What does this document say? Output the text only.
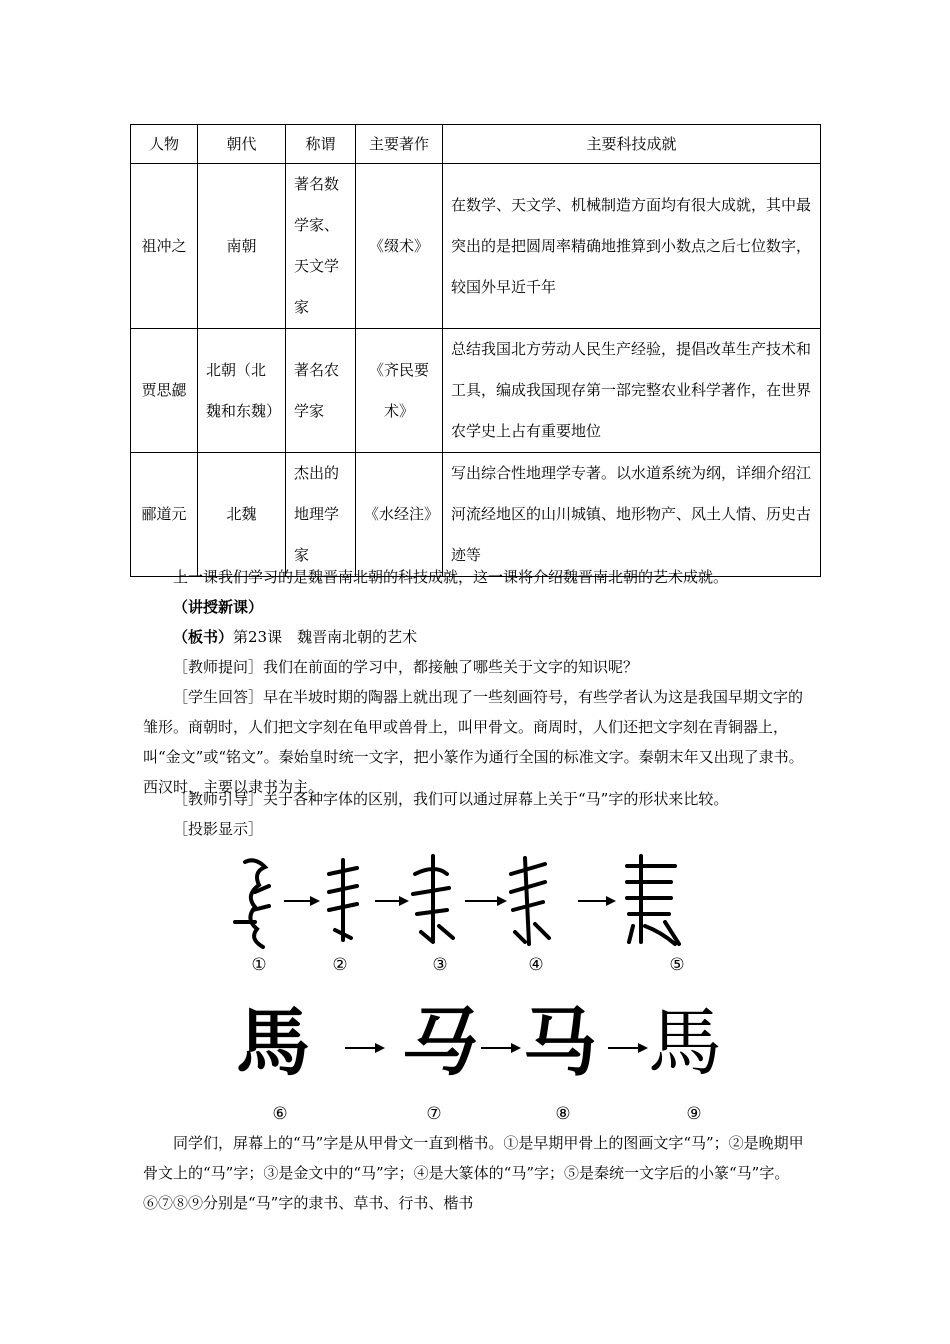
人物	朝代	称谓	主要著作	主要科技成就
祖冲之	南朝	著名数学家、天文学家	《缀术》	在数学、天文学、机械制造方面均有很大成就，其中最突出的是把圆周率精确地推算到小数点之后七位数字，较国外早近千年
贾思勰	北朝（北魏和东魏）	著名农学家	《齐民要术》	总结我国北方劳动人民生产经验，提倡改革生产技术和工具，编成我国现存第一部完整农业科学著作，在世界农学史上占有重要地位
郦道元	北魏	杰出的地理学家	《水经注》	写出综合性地理学专著。以水道系统为纲，详细介绍江河流经地区的山川城镇、地形物产、风土人情、历史古迹等

上一课我们学习的是魏晋南北朝的科技成就，这一课将介绍魏晋南北朝的艺术成就。

（讲授新课）

（板书）第23课　魏晋南北朝的艺术

［教师提问］我们在前面的学习中，都接触了哪些关于文字的知识呢？

［学生回答］早在半坡时期的陶器上就出现了一些刻画符号，有些学者认为这是我国早期文字的雏形。商朝时，人们把文字刻在龟甲或兽骨上，叫甲骨文。商周时，人们还把文字刻在青铜器上，叫“金文”或“铭文”。秦始皇时统一文字，把小篆作为通行全国的标准文字。秦朝末年又出现了隶书。西汉时，主要以隶书为主。

［教师引导］关于各种字体的区别，我们可以通过屏幕上关于“马”字的形状来比较。

［投影显示］

①	②	③	④	⑤
馬 马 马 馬
⑥	⑦	⑧	⑨

同学们，屏幕上的“马”字是从甲骨文一直到楷书。①是早期甲骨上的图画文字“马”；②是晚期甲骨文上的“马”字；③是金文中的“马”字；④是大篆体的“马”字；⑤是秦统一文字后的小篆“马”字。⑥⑦⑧⑨分别是“马”字的隶书、草书、行书、楷书
